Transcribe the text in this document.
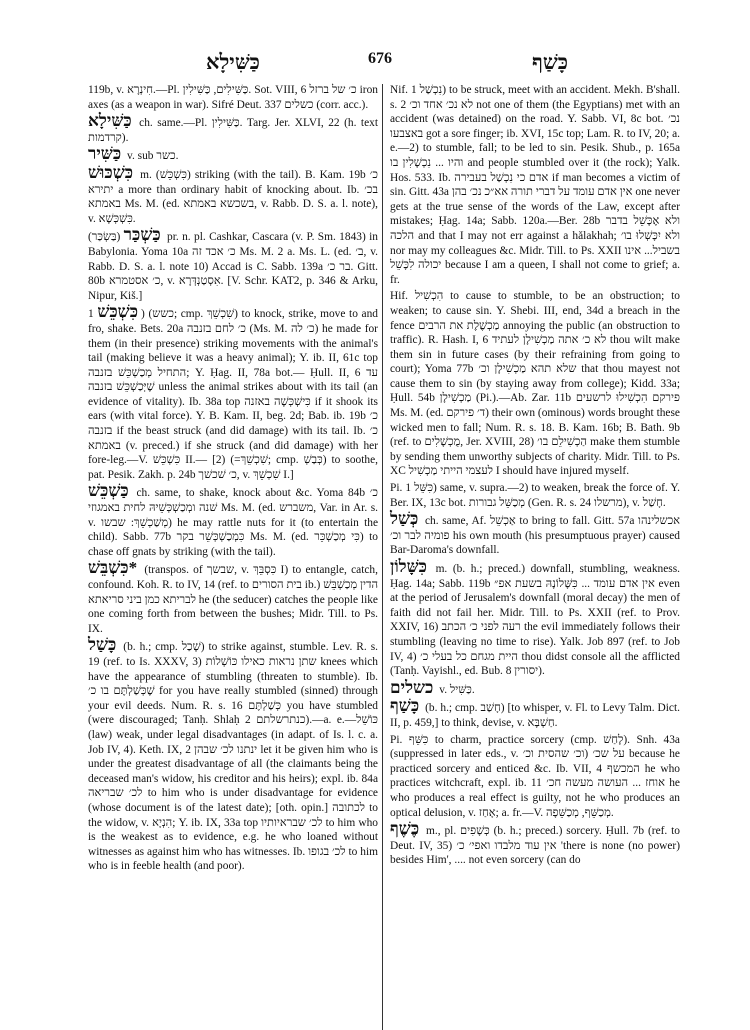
כַּשִּׁילָא	676	כָּשַׁף

119b, v. חִינְרָא.—Pl. כַּשִּׁילִים, כַּשִּׁילִין. Sot. VIII, 6 כ׳ של ברזל iron axes (as a weapon in war). Sifré Deut. 337 כשלים (corr. acc.).

כַּשִּׁילָא ch. same.—Pl. כַּשִּׁילִין. Targ. Jer. XLVI, 22 (h. text קרדמות).

כַּשִּׁיר v. sub כשר.

כִּשְׁכּוּשׁ m. (כִּשְׁכֵּשׁ) striking (with the tail). B. Kam. 19b כ׳ יתירא a more than ordinary habit of knocking about. Ib. בכ׳ באמתא Ms. M. (ed. בשכשא באמתא, v. Rabb. D. S. a. l. note), v. כִּשְׁכְּשָׁא.

כַּשְׁכַּר (בַּשְׂכַּר) pr. n. pl. Cashkar, Cascara (v. P. Sm. 1843) in Babylonia. Yoma 10a כ׳ אכד זה Ms. M. 2 a. Ms. L. (ed. ב׳, v. Rabb. D. S. a. l. note 10) Accad is C. Sabb. 139a בר כ׳. Gitt. 80b כ׳ אסטמרא, v. אִסְטַנְדְּרָא. [V. Schr. KAT2, p. 346 & Arku, Nipur, Kiš.]

כִּשְׁכֵּשׁ 1) (כשש; cmp. שִׁכְשֵׁךְ) to knock, strike, move to and fro, shake. Bets. 20a כ׳ לחם בזנבה (Ms. M. כ׳ לה) he made for them (in their presence) striking movements with the animal's tail (making believe it was a heavy animal); Y. ib. II, 61c top התחיל מְכַשְׁכֵּשׁ בזנבה; Y. Ḥag. II, 78a bot.— Ḥull. II, 6 עד שֶׁיְּכַשְׁכֵּשׁ בזנבה unless the animal strikes about with its tail (an evidence of vitality). Ib. 38a top כִּישְׁכְּשָׁה באזנה if it shook its ears (with vital force). Y. B. Kam. II, beg. 2d; Bab. ib. 19b כ׳ בזנבה if the beast struck (and did damage) with its tail. Ib. כ׳ באמתא (v. preced.) if she struck (and did damage) with her fore-leg.—V. כִּשְׁכֵּשׁ II.— [2) (=שִׁכְשֵׁךְ; cmp. כְּבַשְׁ) to soothe, pat. Pesik. Zakh. p. 24b כ׳ שׁכשׁך, v. שִׁכְשֵׁךְ I.]

כַּשְׁכֵּשׁ ch. same, to shake, knock about &c. Yoma 84b כ׳ שׁנה ומְכַשְׁכְּשֵׁיהּ לחית באמגוזי Ms. M. (ed. משברש, Var. in Ar. s. v. מְשַׁכְשֵׁךְ: שבשו) he may rattle nuts for it (to entertain the child). Sabb. 77b כִּמְכַשְׁכְּשֵׁר בקר Ms. M. (ed. כִּי מְכַשְׁכֵּר) to chase off gnats by striking (with the tail).

*כִּשְׁבֵּשׁ (transpos. of שבשך, v. כִּסְבֵּךְ I) to entangle, catch, confound. Koh. R. to IV, 14 (ref. to בית הסורים ib.) הדין מְכַשְׁבֵּשׁ לבריתא כמן ביני סריאתא he (the seducer) catches the people like one coming forth from between the bushes; Midr. Till. to Ps. IX.

כָּשַׁל (b. h.; cmp. שָׁכַל) to strike against, stumble. Lev. R. s. 19 (ref. to Is. XXXV, 3) שתן נראות כאילו כּוֹשְׁלוֹת knees which have the appearance of stumbling (threaten to stumble). Ib. שֶׁכְּשַׁלְתֶּם בו כ׳ for you have really stumbled (sinned) through your evil deeds. Num. R. s. 16 כְּשַׁלְתֶּם you have stumbled (were discouraged; Tanḥ. Shlaḥ 2 כנתרשלתם).—a. e.—כּוֹשֵׁל (law) weak, under legal disadvantages (in adapt. of Is. l. c. a. Job IV, 4). Keth. IX, 2 ינתנו לכ׳ שבהן let it be given him who is under the greatest disadvantage of all (the claimants being the deceased man's widow, his creditor and his heirs); expl. ib. 84a לכ׳ שבריאה to him who is under disadvantage for evidence (whose document is of the latest date); [oth. opin.] לכתובה to the widow, v. הִנְיָא; Y. ib. IX, 33a top לכ׳ שבראיותיו to him who is the weakest as to evidence, e.g. he who loaned without witnesses as against him who has witnesses. Ib. לכ׳ בגופו to him who is in feeble health (and poor).

Nif. נִכְשַׁל 1) to be struck, meet with an accident. Mekh. B'shall. s. 2 לא נכ׳ אחד וכ׳ not one of them (the Egyptians) met with an accident (was detained) on the road. Y. Sabb. VI, 8c bot. נכ׳ באצבעו got a sore finger; ib. XVI, 15c top; Lam. R. to IV, 20; a. e.—2) to stumble, fall; to be led to sin. Pesik. Shub., p. 165a והיו ... נִכְשָׁלִין בו and people stumbled over it (the rock); Yalk. Hos. 533. Ib. אדם כי נִכְשַׁל בעבירה if man becomes a victim of sin. Gitt. 43a אין אדם עומד על דברי תורה אא״כ נכ׳ בהן one never gets at the true sense of the words of the Law, except after mistakes; Ḥag. 14a; Sabb. 120a.—Ber. 28b ולא אֶכָּשֵׁל בדבר הלכה and that I may not err against a hǎlakhah; ולא יִכָּשְׁלוּ בו׳ nor may my colleagues &c. Midr. Till. to Ps. XXII בשביל... אינו יכולה לִכָּשֵׁל because I am a queen, I shall not come to grief; a. fr.

Hif. הִכְשִׁיל to cause to stumble, to be an obstruction; to weaken; to cause sin. Y. Shebi. III, end, 34d a breach in the fence מַכְשֶׁלֶת את הרבים annoying the public (an obstruction to traffic). R. Hash. I, 6 לא כ׳ אתה מַכְשִׁילָן לעתיד thou wilt make them sin in future cases (by their refraining from going to court); Yoma 77b שלא תהא מַכְשִׁילָן וכ׳ that thou mayest not cause them to sin (by staying away from college); Kidd. 33a; Ḥull. 54b מַכְשִׁילָן (Pi.).—Ab. Zar. 11b פירקם הִכְשִׁילוּ לרשעים Ms. M. (ed. ד׳ פירקם) their own (ominous) words brought these wicked men to fall; Num. R. s. 18. B. Kam. 16b; B. Bath. 9b (ref. to מֻכְשָׁלִים, Jer. XVIII, 28) הַכְשִׁילֵם בו׳ make them stumble by sending them unworthy subjects of charity. Midr. Till. to Ps. XC לעצמי הייתי מַכְשִׁיל I should have injured myself.

Pi. כִּשֵּׁל 1) same, v. supra.—2) to weaken, break the force of. Y. Ber. IX, 13c bot. מְכַשֵּׁל גבורות (Gen. R. s. 24 מרשלו), v. חָשַׁל.

כְּשַׁל ch. same, Af. אַכְשֵׁל to bring to fall. Gitt. 57a אכשלינהו פומיה לבר וכ׳ his own mouth (his presumptuous prayer) caused Bar-Daroma's downfall.

כִּשָּׁלוֹן m. (b. h.; preced.) downfall, stumbling, weakness. Ḥag. 14a; Sabb. 119b אין אדם עומד ... כִּשָּׁלוֹנָהּ בשעת אפ״ even at the period of Jerusalem's downfall (moral decay) the men of faith did not fail her. Midr. Till. to Ps. XXII (ref. to Prov. XXIV, 16) רעה לפני כ׳ הכתב the evil immediately follows their stumbling (leaving no time to rise). Yalk. Job 897 (ref. to Job IV, 4) היית מגחם כל בעלי כ׳ thou didst console all the afflicted (Tanḥ. Vayishl., ed. Bub. 8 יסורין).

כשלים v. כַּשִּׁיל.

כָּשַׁף (b. h.; cmp. חָשַׁב) [to whisper, v. Fl. to Levy Talm. Dict. II, p. 459,] to think, devise, v. חַשְׁבָּא.

Pi. כִּשֵּׁף to charm, practice sorcery (cmp. לָחַשׁ). Snh. 43a (suppressed in later eds., v. וכ׳ שהסית וכ׳) על שכ׳ because he practiced sorcery and enticed &c. Ib. VII, 4 המכשף he who practices witchcraft, expl. ib. 11 אוחז ... העושה מעשה חכ׳ he who produces a real effect is guilty, not he who produces an optical delusion, v. אָחַז; a. fr.—V. מְכַשֵּׁף, מְכַשֵּׁפָה.

כֶּשֶׁף m., pl. כְּשָׁפִים (b. h.; preced.) sorcery. Ḥull. 7b (ref. to Deut. IV, 35) אין עוד מלבדו ואפי׳ כ׳ 'there is none (no power) besides Him', .... not even sorcery (can do
